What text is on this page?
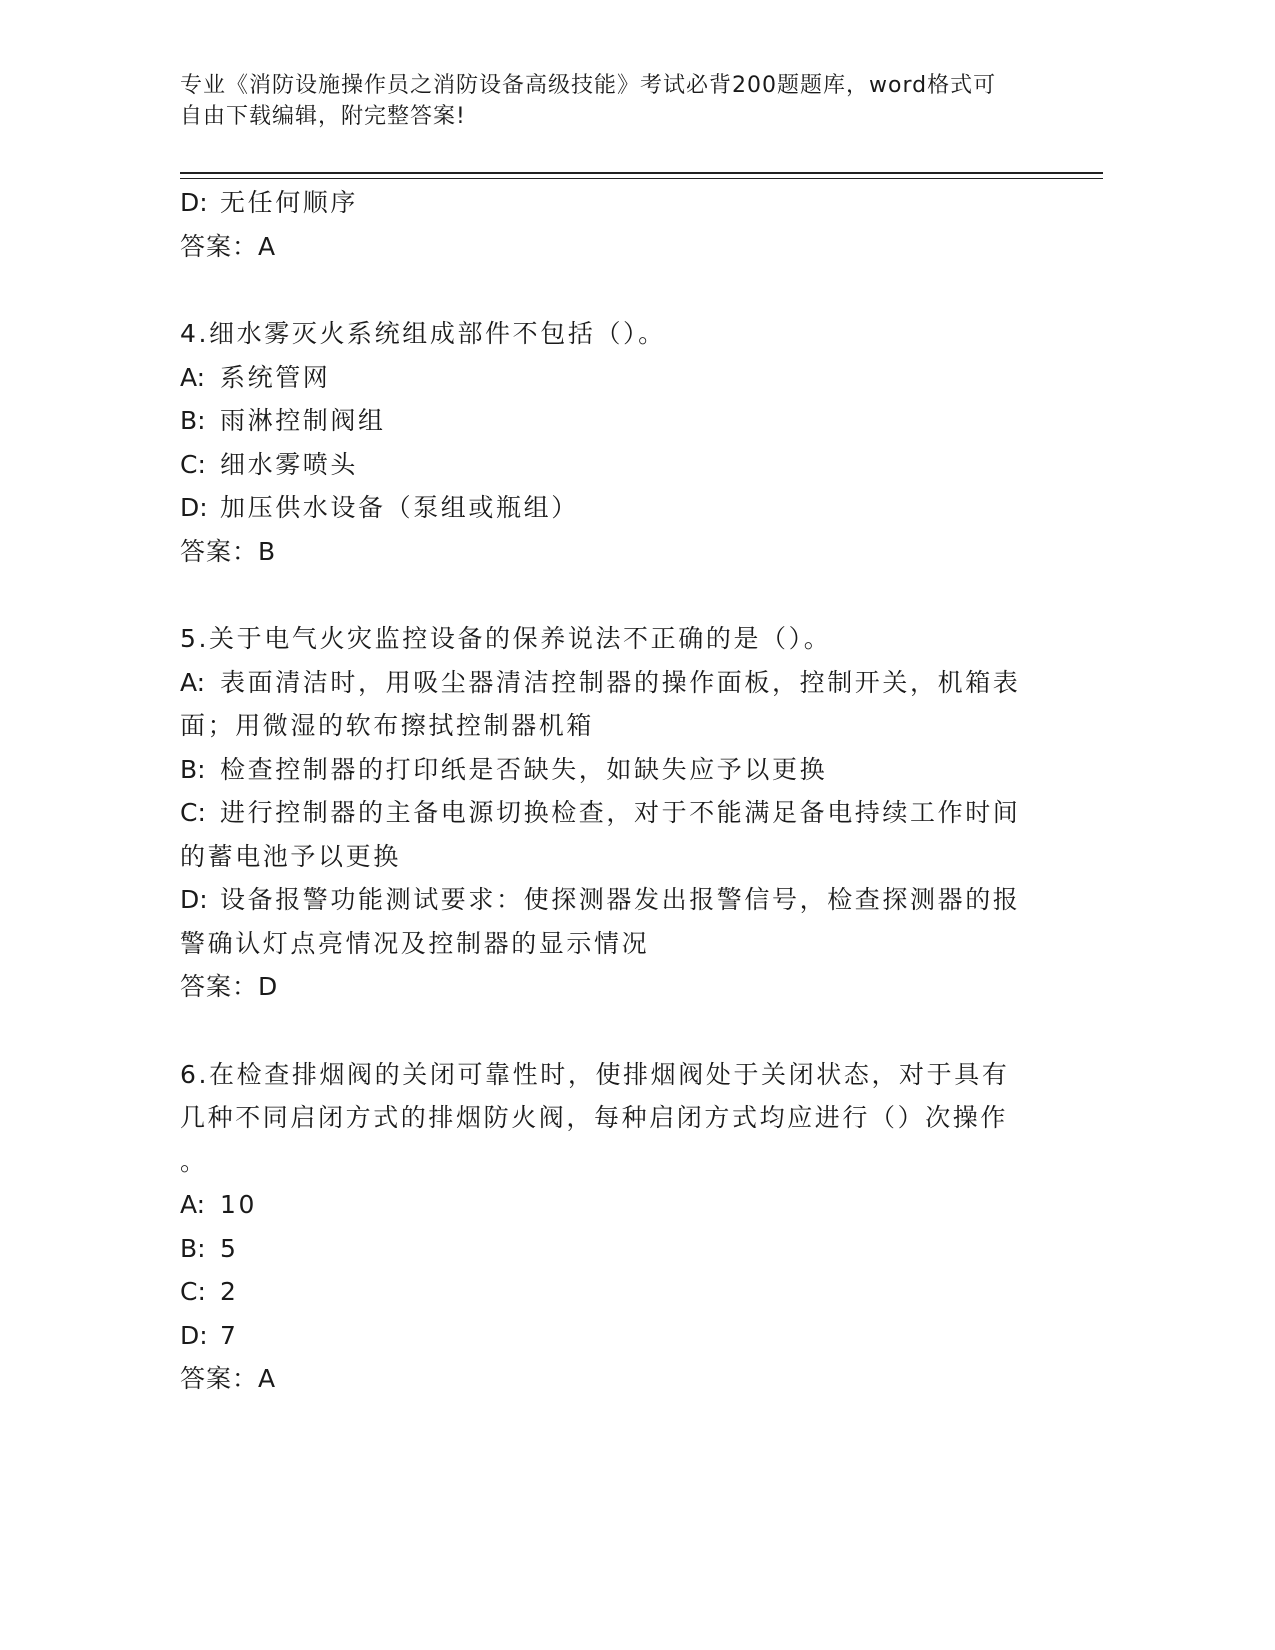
专业《消防设施操作员之消防设备高级技能》考试必背200题题库，word格式可
自由下载编辑，附完整答案!
D: 无任何顺序
答案：A
4.细水雾灭火系统组成部件不包括（）。
A: 系统管网
B: 雨淋控制阀组
C: 细水雾喷头
D: 加压供水设备（泵组或瓶组）
答案：B
5.关于电气火灾监控设备的保养说法不正确的是（）。
A: 表面清洁时，用吸尘器清洁控制器的操作面板，控制开关，机箱表
面；用微湿的软布擦拭控制器机箱
B: 检查控制器的打印纸是否缺失，如缺失应予以更换
C: 进行控制器的主备电源切换检查，对于不能满足备电持续工作时间
的蓄电池予以更换
D: 设备报警功能测试要求：使探测器发出报警信号，检查探测器的报
警确认灯点亮情况及控制器的显示情况
答案：D
6.在检查排烟阀的关闭可靠性时，使排烟阀处于关闭状态，对于具有
几种不同启闭方式的排烟防火阀，每种启闭方式均应进行（）次操作
。
A: 10
B: 5
C: 2
D: 7
答案：A
